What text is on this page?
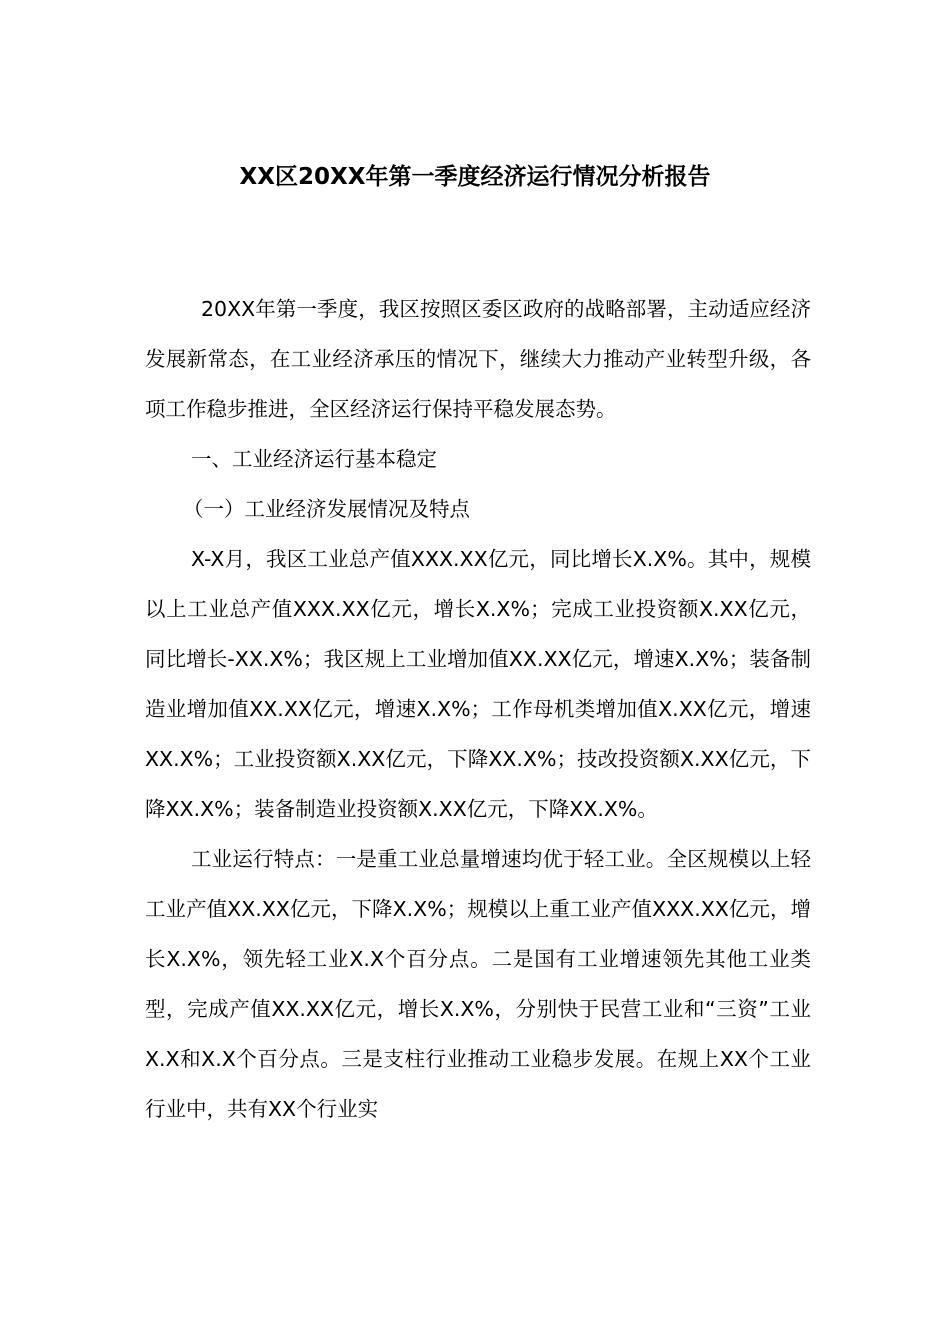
XX区20XX年第一季度经济运行情况分析报告

20XX年第一季度，我区按照区委区政府的战略部署，主动适应经济发展新常态，在工业经济承压的情况下，继续大力推动产业转型升级，各项工作稳步推进，全区经济运行保持平稳发展态势。

一、工业经济运行基本稳定

（一）工业经济发展情况及特点

X-X月，我区工业总产值XXX.XX亿元，同比增长X.X%。其中，规模以上工业总产值XXX.XX亿元，增长X.X%；完成工业投资额X.XX亿元，同比增长-XX.X%；我区规上工业增加值XX.XX亿元，增速X.X%；装备制造业增加值XX.XX亿元，增速X.X%；工作母机类增加值X.XX亿元，增速XX.X%；工业投资额X.XX亿元，下降XX.X%；技改投资额X.XX亿元，下降XX.X%；装备制造业投资额X.XX亿元，下降XX.X%。

工业运行特点：一是重工业总量增速均优于轻工业。全区规模以上轻工业产值XX.XX亿元，下降X.X%；规模以上重工业产值XXX.XX亿元，增长X.X%，领先轻工业X.X个百分点。二是国有工业增速领先其他工业类型，完成产值XX.XX亿元，增长X.X%，分别快于民营工业和“三资”工业X.X和X.X个百分点。三是支柱行业推动工业稳步发展。在规上XX个工业行业中，共有XX个行业实
